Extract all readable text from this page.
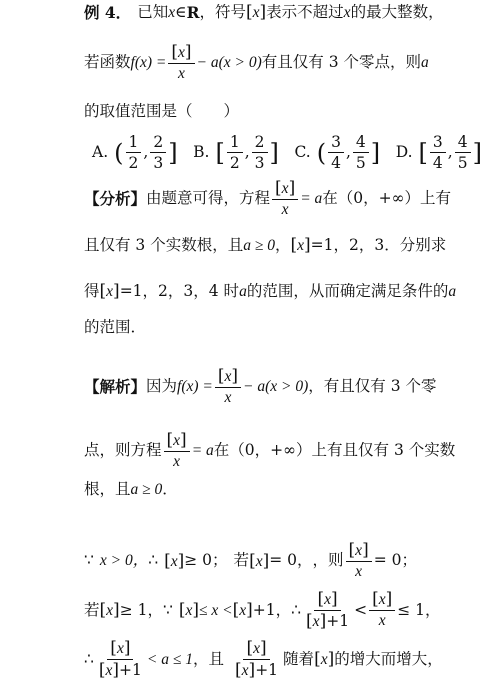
例 4． 已知 x ∈ R ，符号 [x] 表示不超过 x 的最大整数，
若函数 $f(x) = \frac{[x]}{x} - a(x > 0)$ 有且仅有 3 个零点，则 a
的取值范围是（　　）
A. ( $\frac{1}{2}$ , $\frac{2}{3}$ ] B. [ $\frac{1}{2}$ , $\frac{2}{3}$ ] C. ( $\frac{3}{4}$ , $\frac{4}{5}$ ] D. [ $\frac{3}{4}$ , $\frac{4}{5}$ ]
【分析】 由题意可得，方程 $\frac{[x]}{x} = a$ 在（0，+∞）上有
且仅有 3 个实数根，且 a ≥ 0 ， [x] =1，2，3．分别求
得 [x] =1，2，3，4 时 a 的范围，从而确定满足条件的 a
的范围．
【解析】 因为 $f(x) = \frac{[x]}{x} - a(x > 0)$ ，有且仅有 3 个零
点，则方程 $\frac{[x]}{x} = a$ 在（0，+∞）上有且仅有 3 个实数
根，且 a ≥ 0 ．
∵ x > 0， ∴ [x] ≥ 0； 若 [x] = 0， ，则 $\frac{[x]}{x} = 0$；
若 [x] ≥ 1， ∵ [x] ≤ x < [x] +1， ∴ $\frac{[x]}{[x]+1} < \frac{[x]}{x} \le 1$，
∴ $\frac{[x]}{[x]+1} < a \le 1$ ，且 $\frac{[x]}{[x]+1}$ 随着 [x] 的增大而增大，
